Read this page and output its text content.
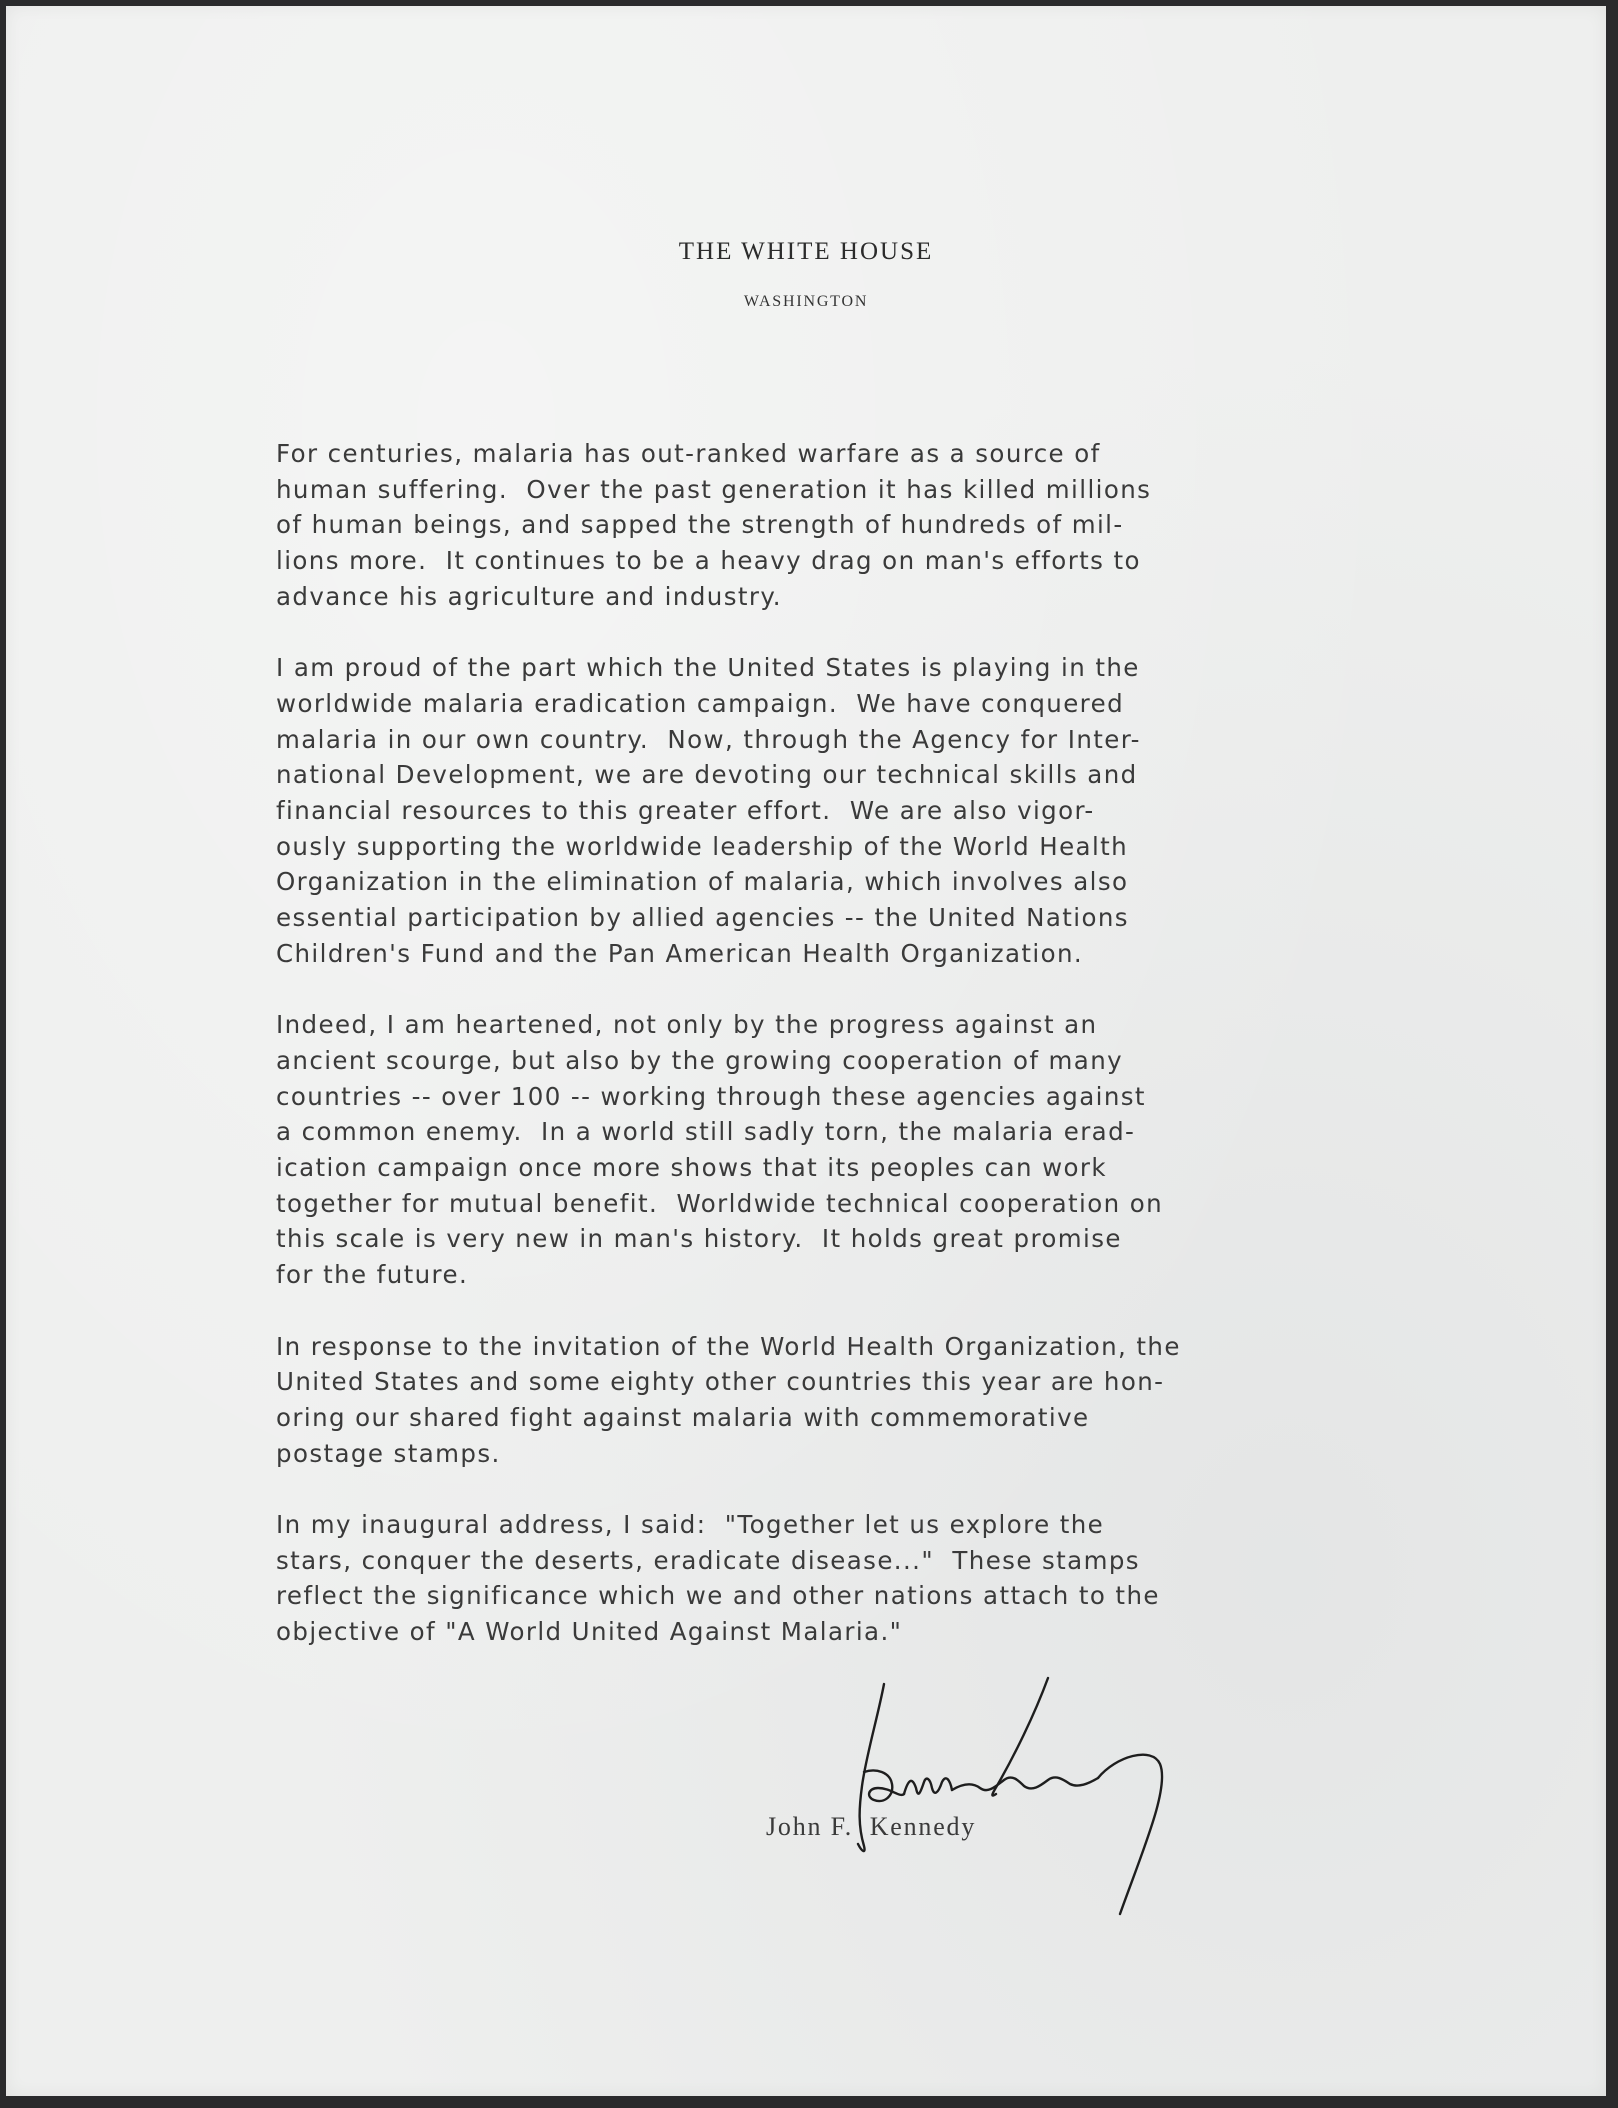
THE WHITE HOUSE
WASHINGTON
For centuries, malaria has out-ranked warfare as a source of
human suffering.  Over the past generation it has killed millions
of human beings, and sapped the strength of hundreds of mil-
lions more.  It continues to be a heavy drag on man's efforts to
advance his agriculture and industry.
I am proud of the part which the United States is playing in the
worldwide malaria eradication campaign.  We have conquered
malaria in our own country.  Now, through the Agency for Inter-
national Development, we are devoting our technical skills and
financial resources to this greater effort.  We are also vigor-
ously supporting the worldwide leadership of the World Health
Organization in the elimination of malaria, which involves also
essential participation by allied agencies -- the United Nations
Children's Fund and the Pan American Health Organization.
Indeed, I am heartened, not only by the progress against an
ancient scourge, but also by the growing cooperation of many
countries -- over 100 -- working through these agencies against
a common enemy.  In a world still sadly torn, the malaria erad-
ication campaign once more shows that its peoples can work
together for mutual benefit.  Worldwide technical cooperation on
this scale is very new in man's history.  It holds great promise
for the future.
In response to the invitation of the World Health Organization, the
United States and some eighty other countries this year are hon-
oring our shared fight against malaria with commemorative
postage stamps.
In my inaugural address, I said:  "Together let us explore the
stars, conquer the deserts, eradicate disease..."  These stamps
reflect the significance which we and other nations attach to the
objective of "A World United Against Malaria."
John F.  Kennedy
